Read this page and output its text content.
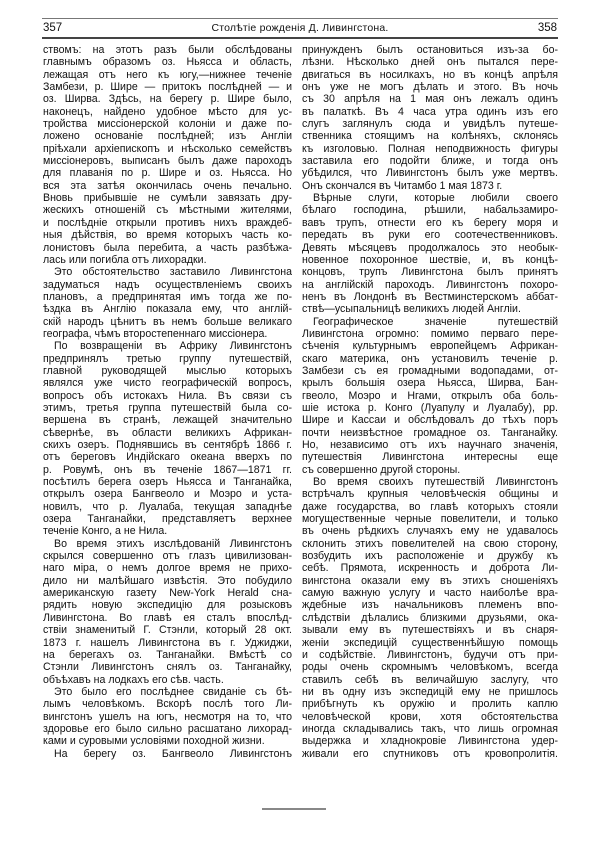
357	Столѣтіе рожденія Д. Ливингстона.	358
ствомъ: на этотъ разъ были обслѣдованы
главнымъ образомъ оз. Ньясса и область,
лежащая отъ него къ югу,—нижнее теченіе
Замбези, р. Шире — притокъ послѣдней — и
оз. Ширва. Здѣсь, на берегу р. Шире было,
наконецъ, найдено удобное мѣсто для ус-
тройства миссіонерской колоніи и даже по-
ложено основаніе послѣдней; изъ Англіи
пріѣхали архіепископъ и нѣсколько семействъ
миссіонеровъ, выписанъ былъ даже пароходъ
для плаванія по р. Шире и оз. Ньясса. Но
вся эта затѣя окончилась очень печально.
Вновь прибывшіе не сумѣли завязать дру-
жескихъ отношеній съ мѣстными жителями,
и послѣдніе открыли противъ нихъ враждеб-
ныя дѣйствія, во время которыхъ часть ко-
лонистовъ была перебита, а часть разбѣжа-
лась или погибла отъ лихорадки.
Это обстоятельство заставило Ливингстона
задуматься надъ осуществленіемъ своихъ
плановъ, а предпринятая имъ тогда же по-
ѣздка въ Англію показала ему, что англій-
скій народъ цѣнитъ въ немъ больше великаго
географа, чѣмъ второстепеннаго миссіонера.
По возвращеніи въ Африку Ливингстонъ
предпринялъ третью группу путешествій,
главной руководящей мыслью которыхъ
являлся уже чисто географическій вопросъ,
вопросъ объ истокахъ Нила. Въ связи съ
этимъ, третья группа путешествій была со-
вершена въ странѣ, лежащей значительно
сѣвернѣе, въ области великихъ Африкан-
скихъ озеръ. Поднявшись въ сентябрѣ 1866 г.
отъ береговъ Индійскаго океана вверхъ по
р. Ровумѣ, онъ въ теченіе 1867—1871 гг.
посѣтилъ берега озеръ Ньясса и Танганайка,
открылъ озера Бангвеоло и Моэро и уста-
новилъ, что р. Луалаба, текущая западнѣе
озера Танганайки, представляетъ верхнее
теченіе Конго, а не Нила.
Во время этихъ изслѣдованій Ливингстонъ
скрылся совершенно отъ глазъ цивилизован-
наго міра, о немъ долгое время не прихо-
дило ни малѣйшаго извѣстія. Это побудило
американскую газету New-York Herald сна-
рядить новую экспедицію для розысковъ
Ливингстона. Во главѣ ея сталъ впослѣд-
ствіи знаменитый Г. Стэнли, который 28 окт.
1873 г. нашелъ Ливингстона въ г. Уджиджи,
на берегахъ оз. Танганайки. Вмѣстѣ со
Стэнли Ливингстонъ снялъ оз. Танганайку,
объѣхавъ на лодкахъ его сѣв. часть.
Это было его послѣднее свиданіе съ бѣ-
лымъ человѣкомъ. Вскорѣ послѣ того Ли-
вингстонъ ушелъ на югъ, несмотря на то, что
здоровье его было сильно расшатано лихорад-
ками и суровыми условіями походной жизни.
На берегу оз. Бангвеоло Ливингстонъ
принужденъ былъ остановиться изъ-за бо-
лѣзни. Нѣсколько дней онъ пытался пере-
двигаться въ носилкахъ, но въ концѣ апрѣля
онъ уже не могъ дѣлать и этого. Въ ночь
съ 30 апрѣля на 1 мая онъ лежалъ одинъ
въ палаткѣ. Въ 4 часа утра одинъ изъ его
слугъ заглянулъ сюда и увидѣлъ путеше-
ственника стоящимъ на колѣняхъ, склонясь
къ изголовью. Полная неподвижность фигуры
заставила его подойти ближе, и тогда онъ
убѣдился, что Ливингстонъ былъ уже мертвъ.
Онъ скончался въ Читамбо 1 мая 1873 г.
Вѣрные слуги, которые любили своего
бѣлаго господина, рѣшили, набальзамиро-
вавъ трупъ, отнести его къ берегу моря и
передать въ руки его соотечественниковъ.
Девять мѣсяцевъ продолжалось это необык-
новенное похоронное шествіе, и, въ концѣ-
концовъ, трупъ Ливингстона былъ принятъ
на англійскій пароходъ. Ливингстонъ похоро-
ненъ въ Лондонѣ въ Вестминстерскомъ аббат-
ствѣ—усыпальницѣ великихъ людей Англіи.
Географическое значеніе путешествій
Ливингстона огромно: помимо перваго пере-
сѣченія культурнымъ европейцемъ Африкан-
скаго материка, онъ установилъ теченіе р.
Замбези съ ея громадными водопадами, от-
крылъ большія озера Ньясса, Ширва, Бан-
гвеоло, Моэро и Нгами, открылъ оба боль-
шіе истока р. Конго (Луапулу и Луалабу), рр.
Шире и Кассаи и обслѣдовалъ до тѣхъ поръ
почти неизвѣстное громадное оз. Танганайку.
Но, независимо отъ ихъ научнаго значенія,
путешествія Ливингстона интересны еще
съ совершенно другой стороны.
Во время своихъ путешествій Ливингстонъ
встрѣчалъ крупныя человѣческія общины и
даже государства, во главѣ которыхъ стояли
могущественные черные повелители, и только
въ очень рѣдкихъ случаяхъ ему не удавалось
склонить этихъ повелителей на свою сторону,
возбудить ихъ расположеніе и дружбу къ
себѣ. Прямота, искренность и доброта Ли-
вингстона оказали ему въ этихъ сношеніяхъ
самую важную услугу и часто наиболѣе вра-
ждебные изъ начальниковъ племенъ впо-
слѣдствіи дѣлались близкими друзьями, ока-
зывали ему въ путешествіяхъ и въ снаря-
женіи экспедицій существеннѣйшую помощь
и содѣйствіе. Ливингстонъ, будучи отъ при-
роды очень скромнымъ человѣкомъ, всегда
ставилъ себѣ въ величайшую заслугу, что
ни въ одну изъ экспедицій ему не пришлось
прибѣгнуть къ оружію и пролить каплю
человѣческой крови, хотя обстоятельства
иногда складывались такъ, что лишь огромная
выдержка и хладнокровіе Ливингстона удер-
живали его спутниковъ отъ кровопролитія.
